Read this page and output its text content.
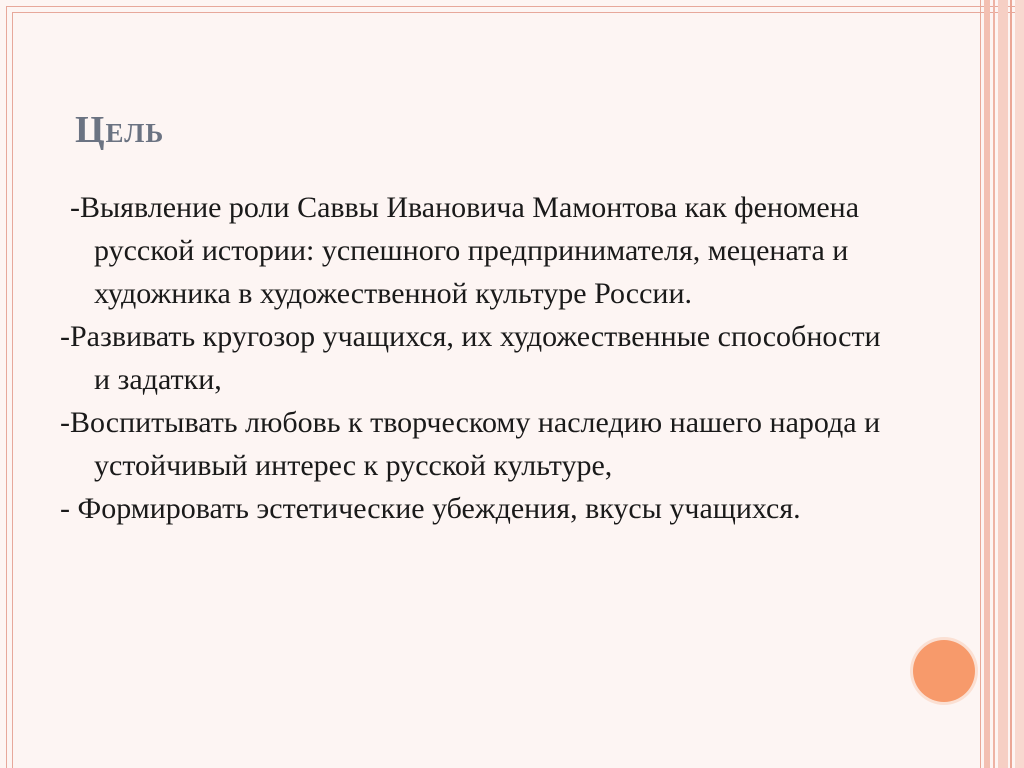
Цель
-Выявление роли Саввы Ивановича Мамонтова как феномена русской истории: успешного предпринимателя, мецената и художника в художественной культуре России.
-Развивать кругозор учащихся, их художественные способности и задатки,
-Воспитывать любовь к творческому наследию нашего народа и устойчивый интерес к русской культуре,
- Формировать эстетические убеждения, вкусы учащихся.
